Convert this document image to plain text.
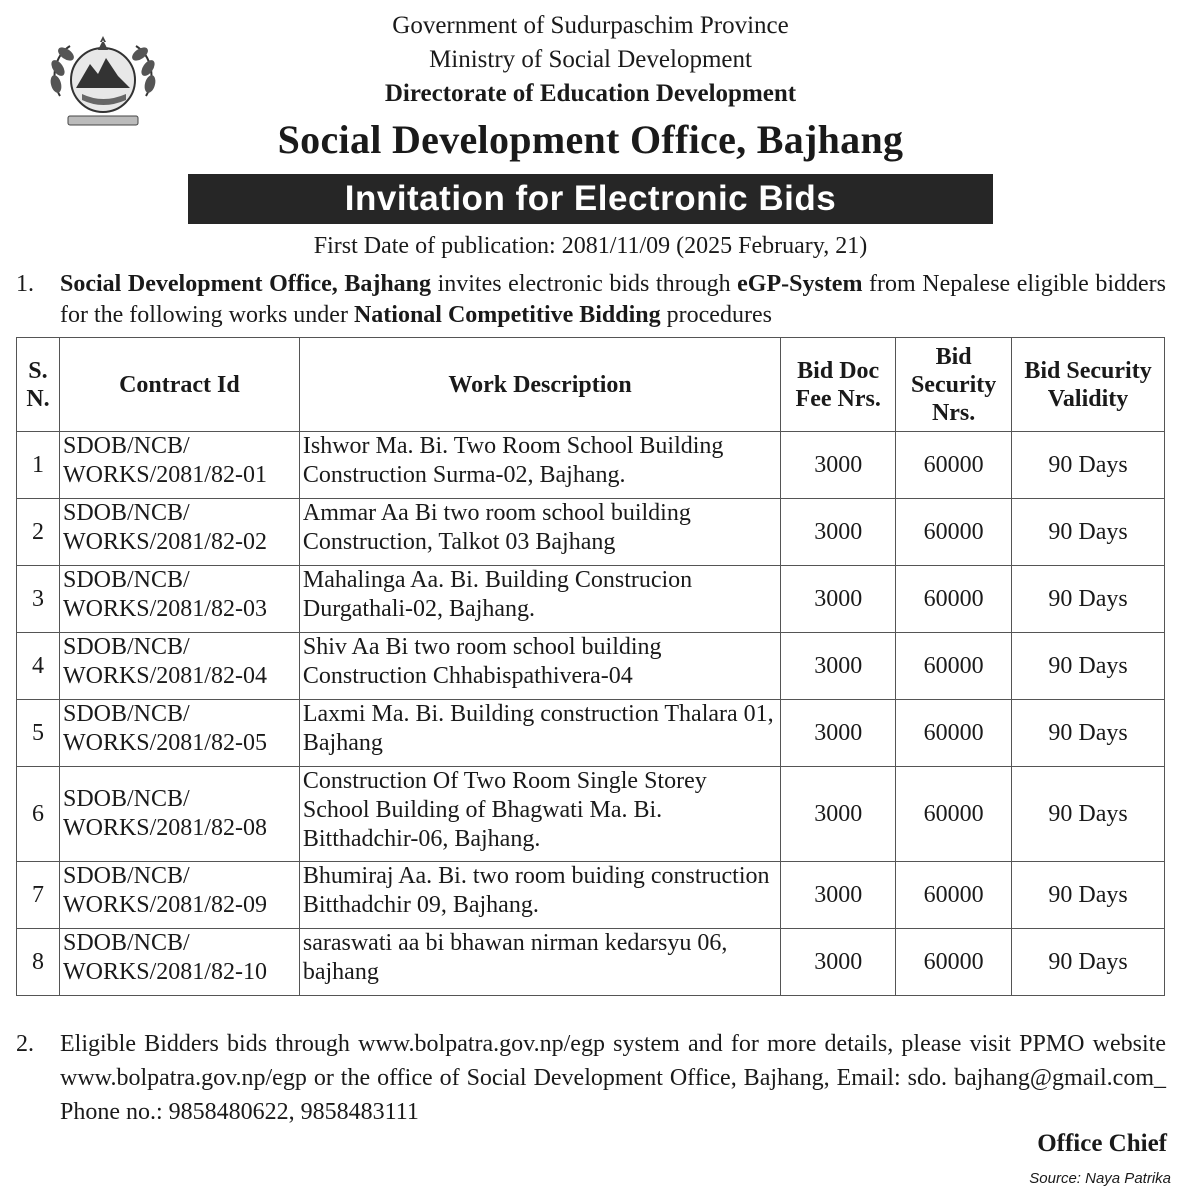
Government of Sudurpaschim Province
Ministry of Social Development
Directorate of Education Development
Social Development Office, Bajhang
Invitation for Electronic Bids
First Date of publication: 2081/11/09 (2025 February, 21)
1. Social Development Office, Bajhang invites electronic bids through eGP-System from Nepalese eligible bidders for the following works under National Competitive Bidding procedures
S. N.	Contract Id	Work Description	Bid Doc Fee Nrs.	Bid Security Nrs.	Bid Security Validity
1	SDOB/NCB/ WORKS/2081/82-01	Ishwor Ma. Bi. Two Room School Building Construction Surma-02, Bajhang.	3000	60000	90 Days
2	SDOB/NCB/ WORKS/2081/82-02	Ammar Aa Bi two room school building Construction, Talkot 03 Bajhang	3000	60000	90 Days
3	SDOB/NCB/ WORKS/2081/82-03	Mahalinga Aa. Bi. Building Construcion Durgathali-02, Bajhang.	3000	60000	90 Days
4	SDOB/NCB/ WORKS/2081/82-04	Shiv Aa Bi two room school building Construction Chhabispathivera-04	3000	60000	90 Days
5	SDOB/NCB/ WORKS/2081/82-05	Laxmi Ma. Bi. Building construction Thalara 01, Bajhang	3000	60000	90 Days
6	SDOB/NCB/ WORKS/2081/82-08	Construction Of Two Room Single Storey School Building of Bhagwati Ma. Bi. Bitthadchir-06, Bajhang.	3000	60000	90 Days
7	SDOB/NCB/ WORKS/2081/82-09	Bhumiraj Aa. Bi. two room buiding construction Bitthadchir 09, Bajhang.	3000	60000	90 Days
8	SDOB/NCB/ WORKS/2081/82-10	saraswati aa bi bhawan nirman kedarsyu 06, bajhang	3000	60000	90 Days
2. Eligible Bidders bids through www.bolpatra.gov.np/egp system and for more details, please visit PPMO website www.bolpatra.gov.np/egp or the office of Social Development Office, Bajhang, Email: sdo. bajhang@gmail.com_ Phone no.: 9858480622, 9858483111
Office Chief
Source: Naya Patrika
